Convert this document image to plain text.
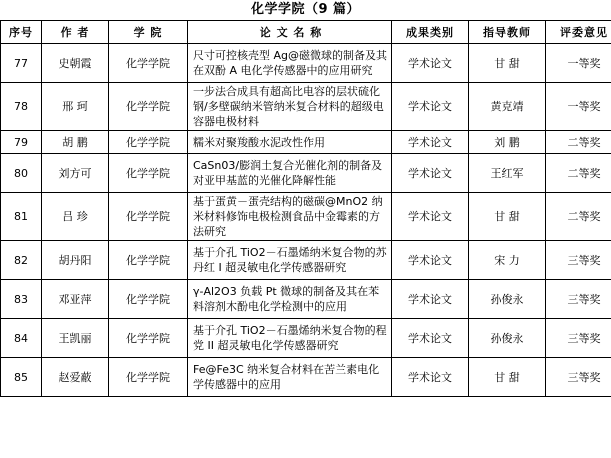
化学学院（9 篇）
序号	作 者	学 院	论 文 名 称	成果类别	指导教师	评委意见
77	史朝霞	化学学院	尺寸可控核壳型 Ag@磁微球的制备及其在双酚 A 电化学传感器中的应用研究	学术论文	甘 甜	一等奖
78	邢 珂	化学学院	一步法合成具有超高比电容的层状硫化钢/多壁碳纳米管纳米复合材料的超级电容器电极材料	学术论文	黄克靖	一等奖
79	胡 鹏	化学学院	糯米对聚羧酸水泥改性作用	学术论文	刘 鹏	二等奖
80	刘方可	化学学院	CaSn03/膨润土复合光催化剂的制备及对亚甲基蓝的光催化降解性能	学术论文	王红军	二等奖
81	吕 珍	化学学院	基于蛋黄－蛋壳结构的磁碳@MnO2 纳米材料修饰电极检测食品中金霉素的方法研究	学术论文	甘 甜	二等奖
82	胡丹阳	化学学院	基于介孔 TiO2－石墨烯纳米复合物的苏丹红 I 超灵敏电化学传感器研究	学术论文	宋 力	三等奖
83	邓亚萍	化学学院	γ-Al2O3 负载 Pt 微球的制备及其在苯料溶剂木酚电化学检测中的应用	学术论文	孙俊永	三等奖
84	王凯丽	化学学院	基于介孔 TiO2－石墨烯纳米复合物的程党 II 超灵敏电化学传感器研究	学术论文	孙俊永	三等奖
85	赵爱蔽	化学学院	Fe@Fe3C 纳米复合材料在苦兰素电化学传感器中的应用	学术论文	甘 甜	三等奖
